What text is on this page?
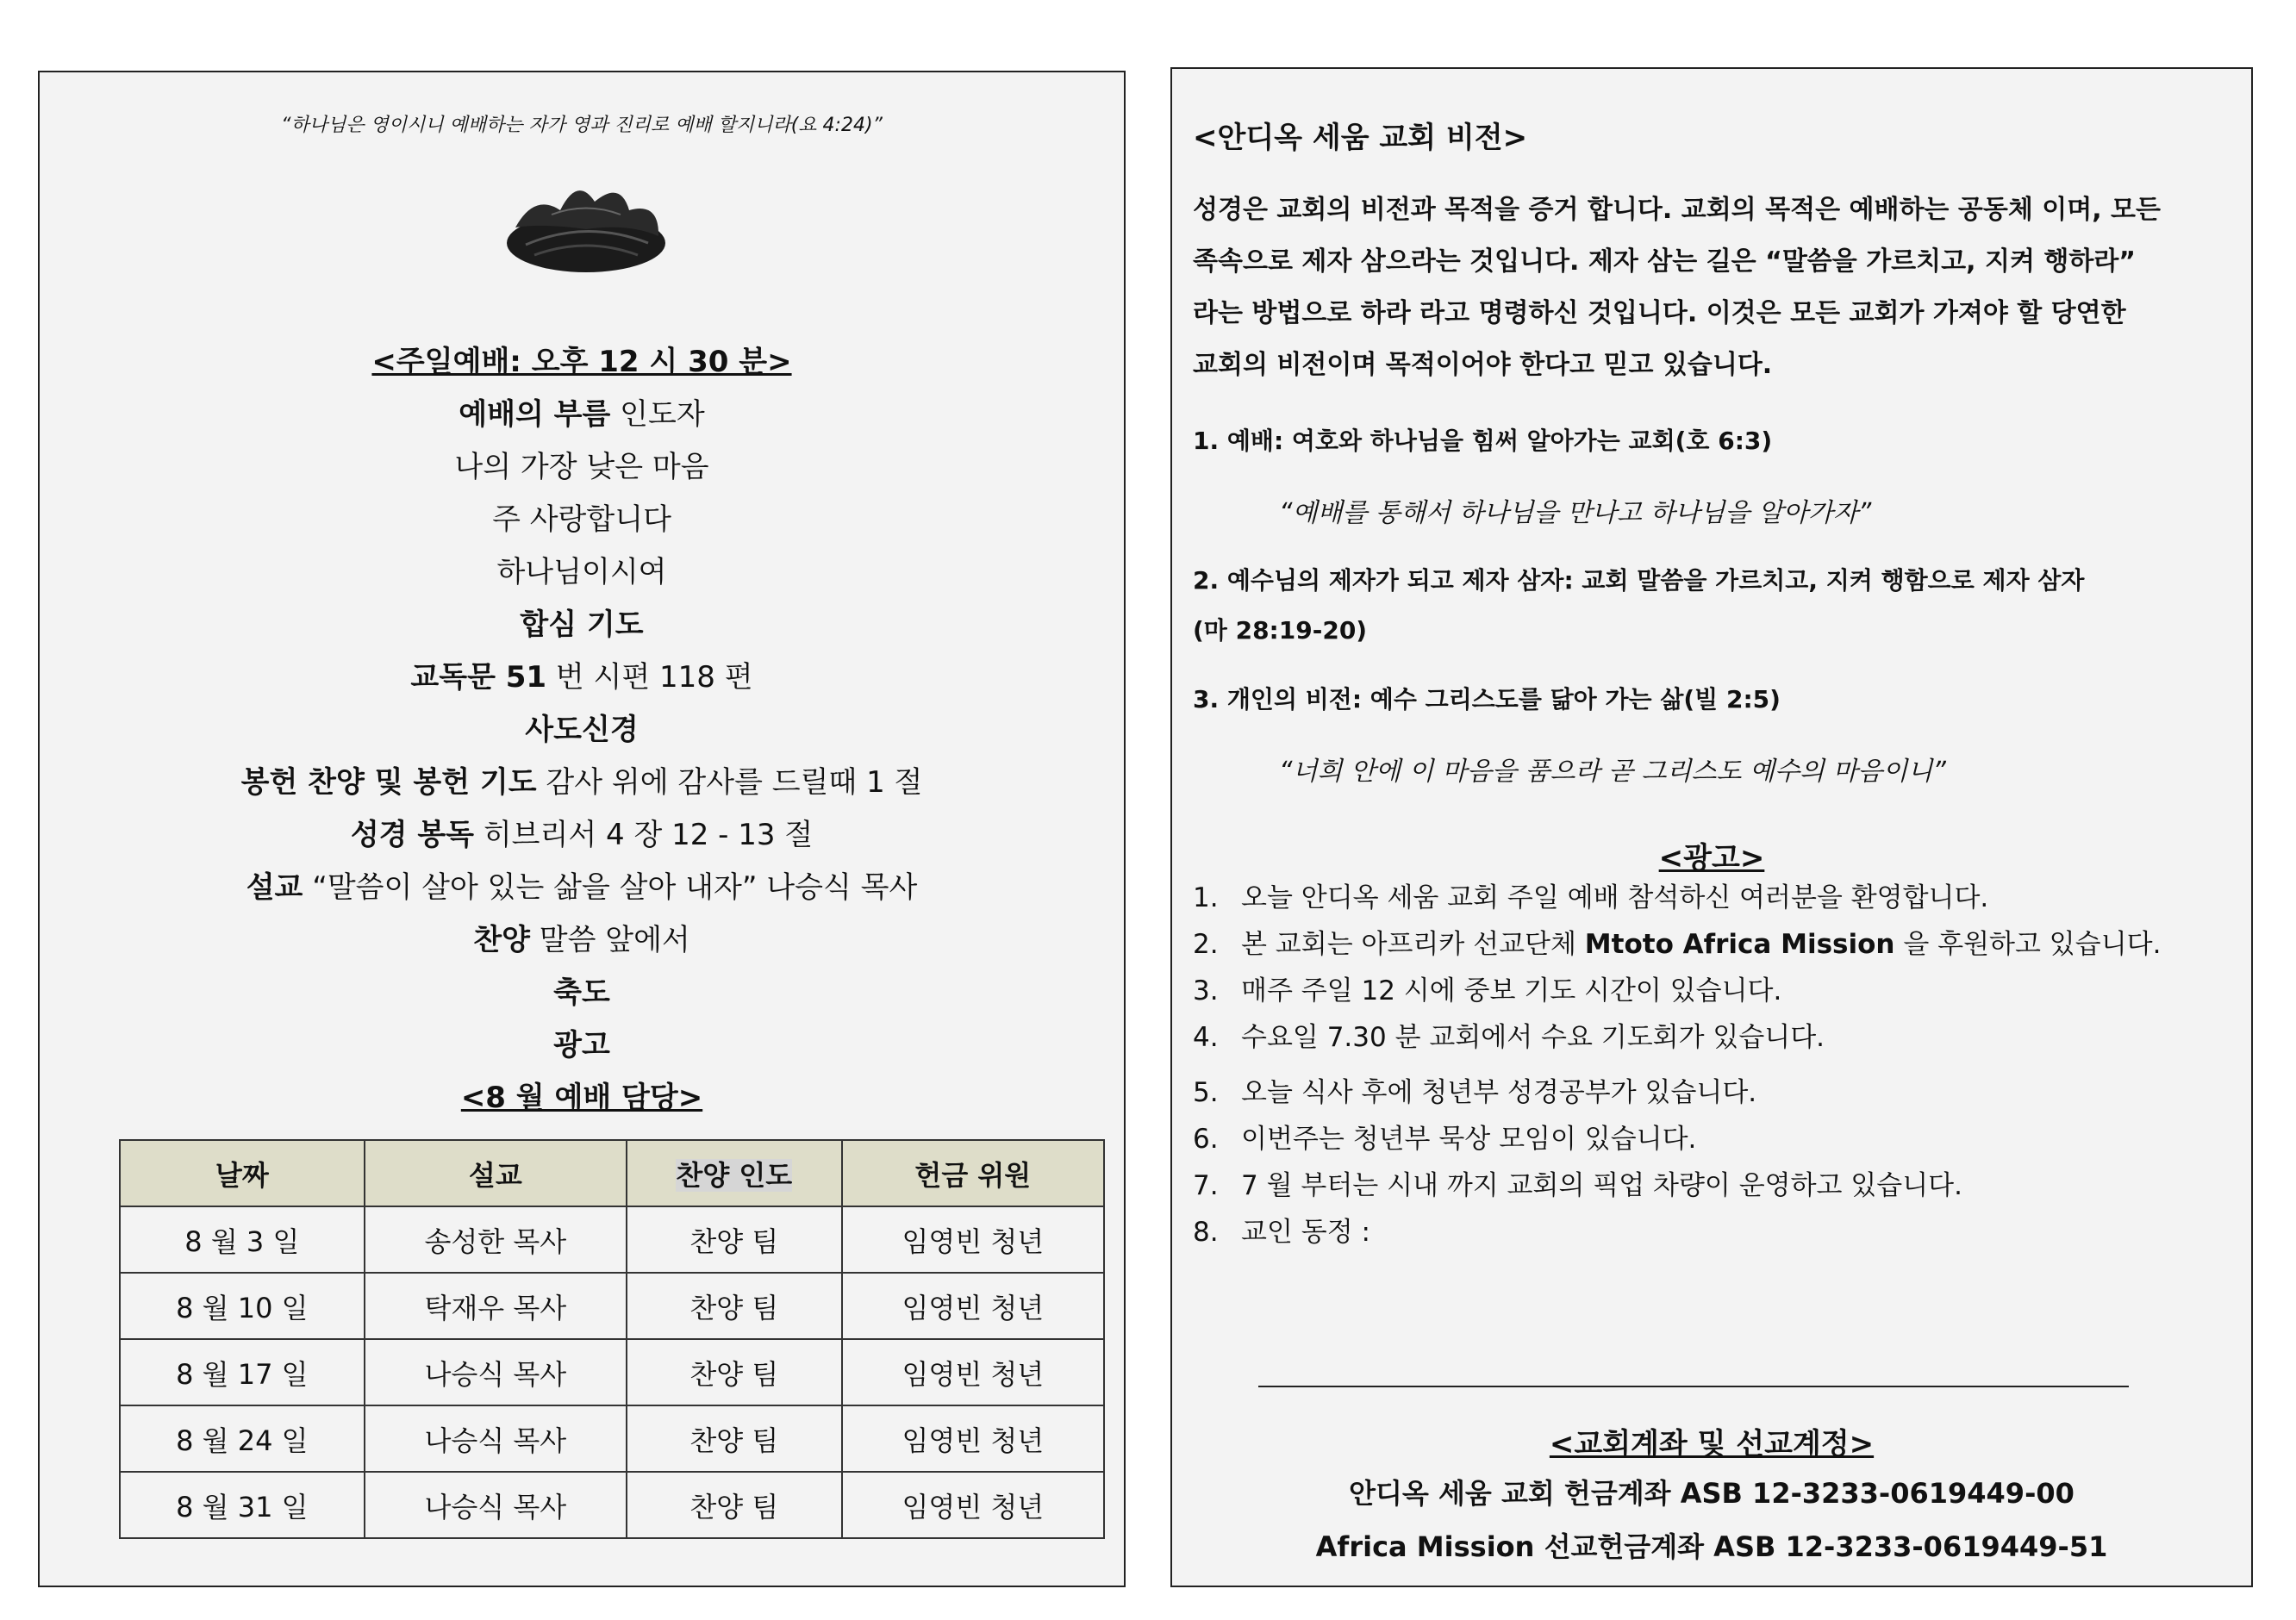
“하나님은 영이시니 예배하는 자가 영과 진리로 예배 할지니라(요 4:24)”
<주일예배: 오후 12 시 30 분>
예배의 부름 인도자
나의 가장 낮은 마음
주 사랑합니다
하나님이시여
합심 기도
교독문 51 번 시편 118 편
사도신경
봉헌 찬양 및 봉헌 기도 감사 위에 감사를 드릴때 1 절
성경 봉독 히브리서 4 장 12 - 13 절
설교 “말씀이 살아 있는 삶을 살아 내자” 나승식 목사
찬양 말씀 앞에서
축도
광고
<8 월 예배 담당>
날짜	설교	찬양 인도	헌금 위원
8 월 3 일	송성한 목사	찬양 팀	임영빈 청년
8 월 10 일	탁재우 목사	찬양 팀	임영빈 청년
8 월 17 일	나승식 목사	찬양 팀	임영빈 청년
8 월 24 일	나승식 목사	찬양 팀	임영빈 청년
8 월 31 일	나승식 목사	찬양 팀	임영빈 청년
<안디옥 세움 교회 비전>
성경은 교회의 비전과 목적을 증거 합니다. 교회의 목적은 예배하는 공동체 이며, 모든
족속으로 제자 삼으라는 것입니다. 제자 삼는 길은 “말씀을 가르치고, 지켜 행하라”
라는 방법으로 하라 라고 명령하신 것입니다. 이것은 모든 교회가 가져야 할 당연한
교회의 비전이며 목적이어야 한다고 믿고 있습니다.
1. 예배: 여호와 하나님을 힘써 알아가는 교회(호 6:3)
“예배를 통해서 하나님을 만나고 하나님을 알아가자”
2. 예수님의 제자가 되고 제자 삼자: 교회 말씀을 가르치고, 지켜 행함으로 제자 삼자
(마 28:19-20)
3. 개인의 비전: 예수 그리스도를 닮아 가는 삶(빌 2:5)
“너희 안에 이 마음을 품으라 곧 그리스도 예수의 마음이니”
<광고>
1. 오늘 안디옥 세움 교회 주일 예배 참석하신 여러분을 환영합니다.
2. 본 교회는 아프리카 선교단체 Mtoto Africa Mission 을 후원하고 있습니다.
3. 매주 주일 12 시에 중보 기도 시간이 있습니다.
4. 수요일 7.30 분 교회에서 수요 기도회가 있습니다.
5. 오늘 식사 후에 청년부 성경공부가 있습니다.
6. 이번주는 청년부 묵상 모임이 있습니다.
7. 7 월 부터는 시내 까지 교회의 픽업 차량이 운영하고 있습니다.
8. 교인 동정 :
<교회계좌 및 선교계정>
안디옥 세움 교회 헌금계좌 ASB 12-3233-0619449-00
Africa Mission 선교헌금계좌 ASB 12-3233-0619449-51
